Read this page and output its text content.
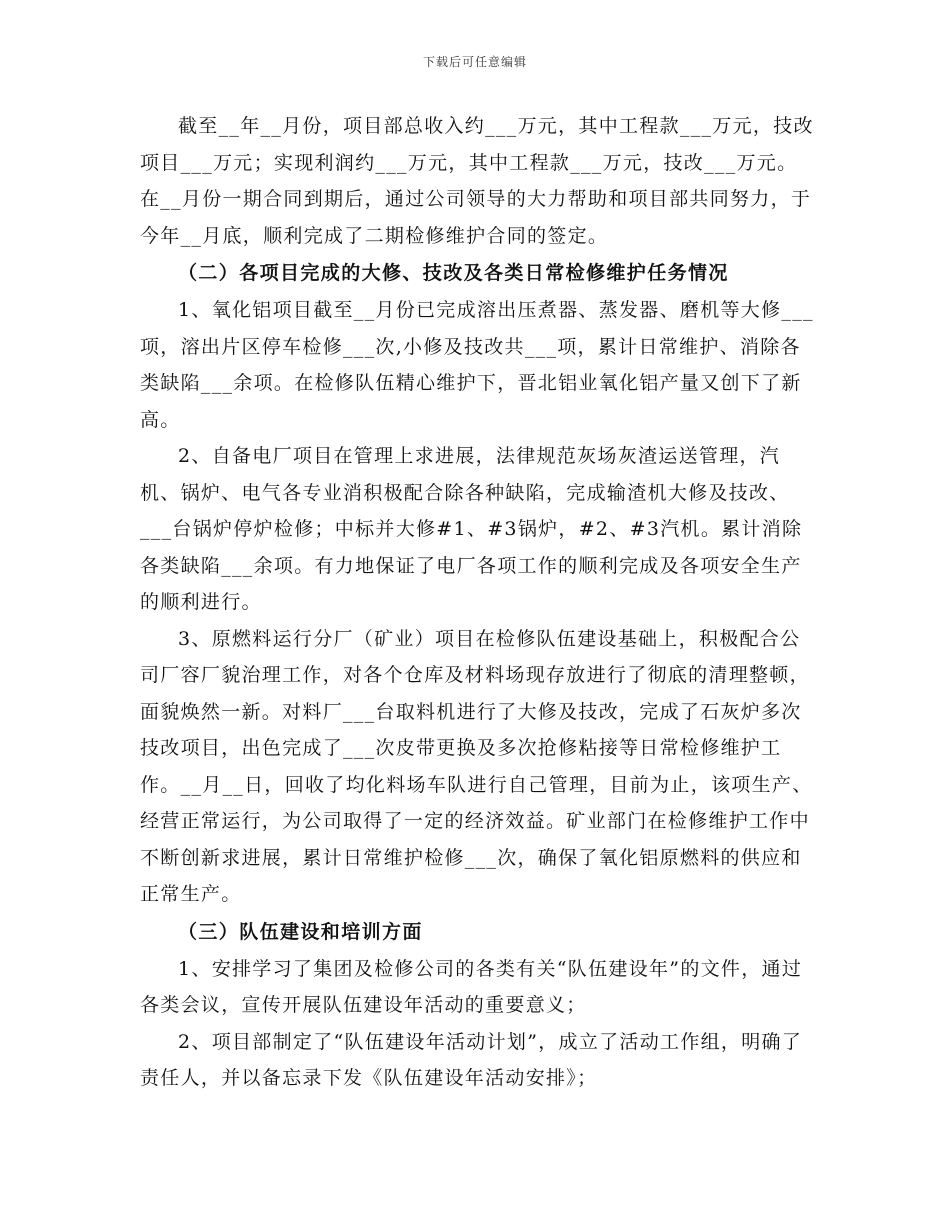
下载后可任意编辑

截至__年__月份，项目部总收入约___万元，其中工程款___万元，技改项目___万元；实现利润约___万元，其中工程款___万元，技改___万元。在__月份一期合同到期后，通过公司领导的大力帮助和项目部共同努力，于今年__月底，顺利完成了二期检修维护合同的签定。

（二）各项目完成的大修、技改及各类日常检修维护任务情况

1、氧化铝项目截至__月份已完成溶出压煮器、蒸发器、磨机等大修___项，溶出片区停车检修___次,小修及技改共___项，累计日常维护、消除各类缺陷___余项。在检修队伍精心维护下，晋北铝业氧化铝产量又创下了新高。

2、自备电厂项目在管理上求进展，法律规范灰场灰渣运送管理，汽机、锅炉、电气各专业消积极配合除各种缺陷，完成输渣机大修及技改、___台锅炉停炉检修；中标并大修#1、#3锅炉，#2、#3汽机。累计消除各类缺陷___余项。有力地保证了电厂各项工作的顺利完成及各项安全生产的顺利进行。

3、原燃料运行分厂（矿业）项目在检修队伍建设基础上，积极配合公司厂容厂貌治理工作，对各个仓库及材料场现存放进行了彻底的清理整顿，面貌焕然一新。对料厂___台取料机进行了大修及技改，完成了石灰炉多次技改项目，出色完成了___次皮带更换及多次抢修粘接等日常检修维护工作。__月__日，回收了均化料场车队进行自己管理，目前为止，该项生产、经营正常运行，为公司取得了一定的经济效益。矿业部门在检修维护工作中不断创新求进展，累计日常维护检修___次，确保了氧化铝原燃料的供应和正常生产。

（三）队伍建设和培训方面

1、安排学习了集团及检修公司的各类有关“队伍建设年”的文件，通过各类会议，宣传开展队伍建设年活动的重要意义；

2、项目部制定了“队伍建设年活动计划”，成立了活动工作组，明确了责任人，并以备忘录下发《队伍建设年活动安排》；
